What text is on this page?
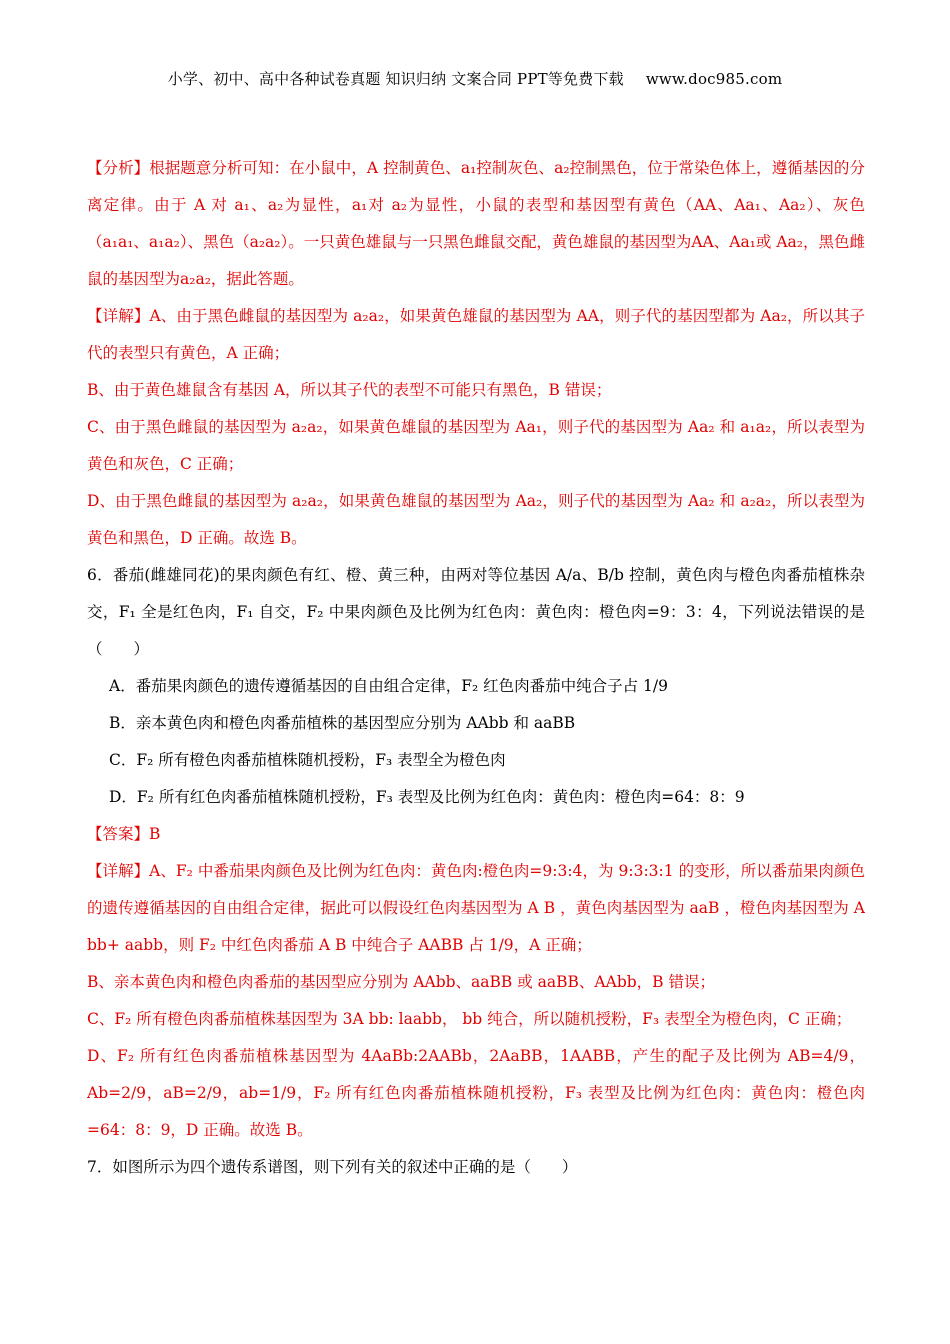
小学、初中、高中各种试卷真题 知识归纳 文案合同 PPT等免费下载 www.doc985.com

【分析】根据题意分析可知：在小鼠中，A 控制黄色、a₁控制灰色、a₂控制黑色，位于常染色体上，遵循基因的分离定律。由于 A 对 a₁、a₂为显性，a₁对 a₂为显性，小鼠的表型和基因型有黄色（AA、Aa₁、Aa₂）、灰色（a₁a₁、a₁a₂）、黑色（a₂a₂）。一只黄色雄鼠与一只黑色雌鼠交配，黄色雄鼠的基因型为AA、Aa₁或 Aa₂，黑色雌鼠的基因型为a₂a₂，据此答题。

【详解】A、由于黑色雌鼠的基因型为 a₂a₂，如果黄色雄鼠的基因型为 AA，则子代的基因型都为 Aa₂，所以其子代的表型只有黄色，A 正确；

B、由于黄色雄鼠含有基因 A，所以其子代的表型不可能只有黑色，B 错误；

C、由于黑色雌鼠的基因型为 a₂a₂，如果黄色雄鼠的基因型为 Aa₁，则子代的基因型为 Aa₂ 和 a₁a₂，所以表型为黄色和灰色，C 正确；

D、由于黑色雌鼠的基因型为 a₂a₂，如果黄色雄鼠的基因型为 Aa₂，则子代的基因型为 Aa₂ 和 a₂a₂，所以表型为黄色和黑色，D 正确。故选 B。

6．番茄(雌雄同花)的果肉颜色有红、橙、黄三种，由两对等位基因 A/a、B/b 控制，黄色肉与橙色肉番茄植株杂交，F₁ 全是红色肉，F₁ 自交，F₂ 中果肉颜色及比例为红色肉：黄色肉：橙色肉=9：3：4，下列说法错误的是（　　）

A．番茄果肉颜色的遗传遵循基因的自由组合定律，F₂ 红色肉番茄中纯合子占 1/9

B．亲本黄色肉和橙色肉番茄植株的基因型应分别为 AAbb 和 aaBB

C．F₂ 所有橙色肉番茄植株随机授粉，F₃ 表型全为橙色肉

D．F₂ 所有红色肉番茄植株随机授粉，F₃ 表型及比例为红色肉：黄色肉：橙色肉=64：8：9

【答案】B

【详解】A、F₂ 中番茄果肉颜色及比例为红色肉：黄色肉:橙色肉=9:3:4，为 9:3:3:1 的变形，所以番茄果肉颜色的遗传遵循基因的自由组合定律，据此可以假设红色肉基因型为 A B ，黄色肉基因型为 aaB ，橙色肉基因型为 A bb+ aabb，则 F₂ 中红色肉番茄 A B 中纯合子 AABB 占 1/9，A 正确；

B、亲本黄色肉和橙色肉番茄的基因型应分别为 AAbb、aaBB 或 aaBB、AAbb，B 错误；

C、F₂ 所有橙色肉番茄植株基因型为 3A bb: laabb， bb 纯合，所以随机授粉，F₃ 表型全为橙色肉，C 正确；

D、F₂ 所有红色肉番茄植株基因型为 4AaBb:2AABb，2AaBB，1AABB，产生的配子及比例为 AB=4/9，Ab=2/9，aB=2/9，ab=1/9，F₂ 所有红色肉番茄植株随机授粉，F₃ 表型及比例为红色肉：黄色肉：橙色肉=64：8：9，D 正确。故选 B。

7．如图所示为四个遗传系谱图，则下列有关的叙述中正确的是（　　）
